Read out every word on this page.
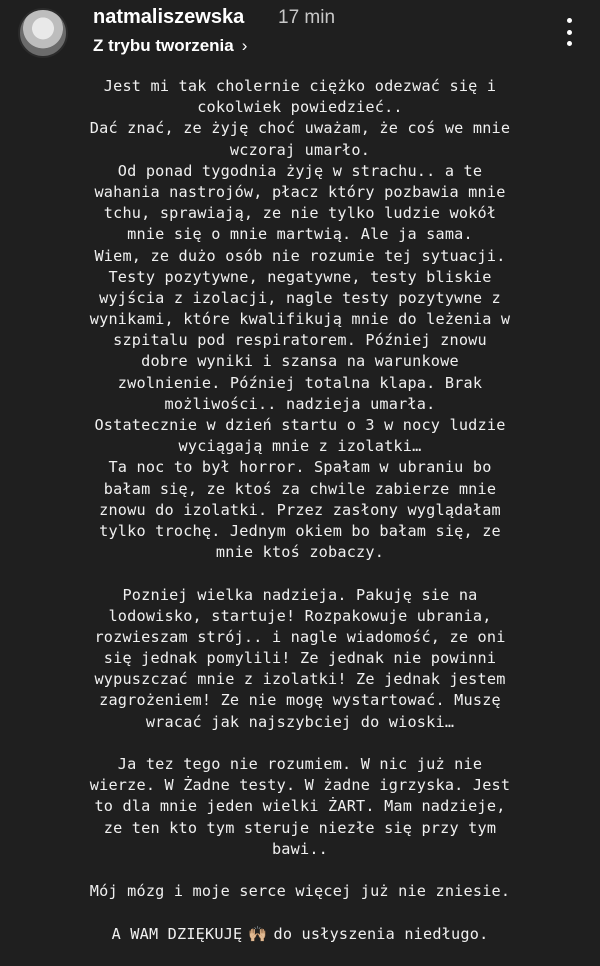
natmaliszewska 17 min
Z trybu tworzenia ›
Jest mi tak cholernie ciężko odezwać się i
cokolwiek powiedzieć..
Dać znać, ze żyję choć uważam, że coś we mnie
wczoraj umarło.
Od ponad tygodnia żyję w strachu.. a te
wahania nastrojów, płacz który pozbawia mnie
tchu, sprawiają, ze nie tylko ludzie wokół
mnie się o mnie martwią. Ale ja sama.
Wiem, ze dużo osób nie rozumie tej sytuacji.
Testy pozytywne, negatywne, testy bliskie
wyjścia z izolacji, nagle testy pozytywne z
wynikami, które kwalifikują mnie do leżenia w
szpitalu pod respiratorem. Później znowu
dobre wyniki i szansa na warunkowe
zwolnienie. Później totalna klapa. Brak
możliwości.. nadzieja umarła.
Ostatecznie w dzień startu o 3 w nocy ludzie
wyciągają mnie z izolatki…
Ta noc to był horror. Spałam w ubraniu bo
bałam się, ze ktoś za chwile zabierze mnie
znowu do izolatki. Przez zasłony wyglądałam
tylko trochę. Jednym okiem bo bałam się, ze
mnie ktoś zobaczy.
Pozniej wielka nadzieja. Pakuję sie na
lodowisko, startuje! Rozpakowuje ubrania,
rozwieszam strój.. i nagle wiadomość, ze oni
się jednak pomylili! Ze jednak nie powinni
wypuszczać mnie z izolatki! Ze jednak jestem
zagrożeniem! Ze nie mogę wystartować. Muszę
wracać jak najszybciej do wioski…
Ja tez tego nie rozumiem. W nic już nie
wierze. W Żadne testy. W żadne igrzyska. Jest
to dla mnie jeden wielki ŻART. Mam nadzieje,
ze ten kto tym steruje niezłe się przy tym
bawi..
Mój mózg i moje serce więcej już nie zniesie.
A WAM DZIĘKUJĘ 🙌🏼 do usłyszenia niedługo.
